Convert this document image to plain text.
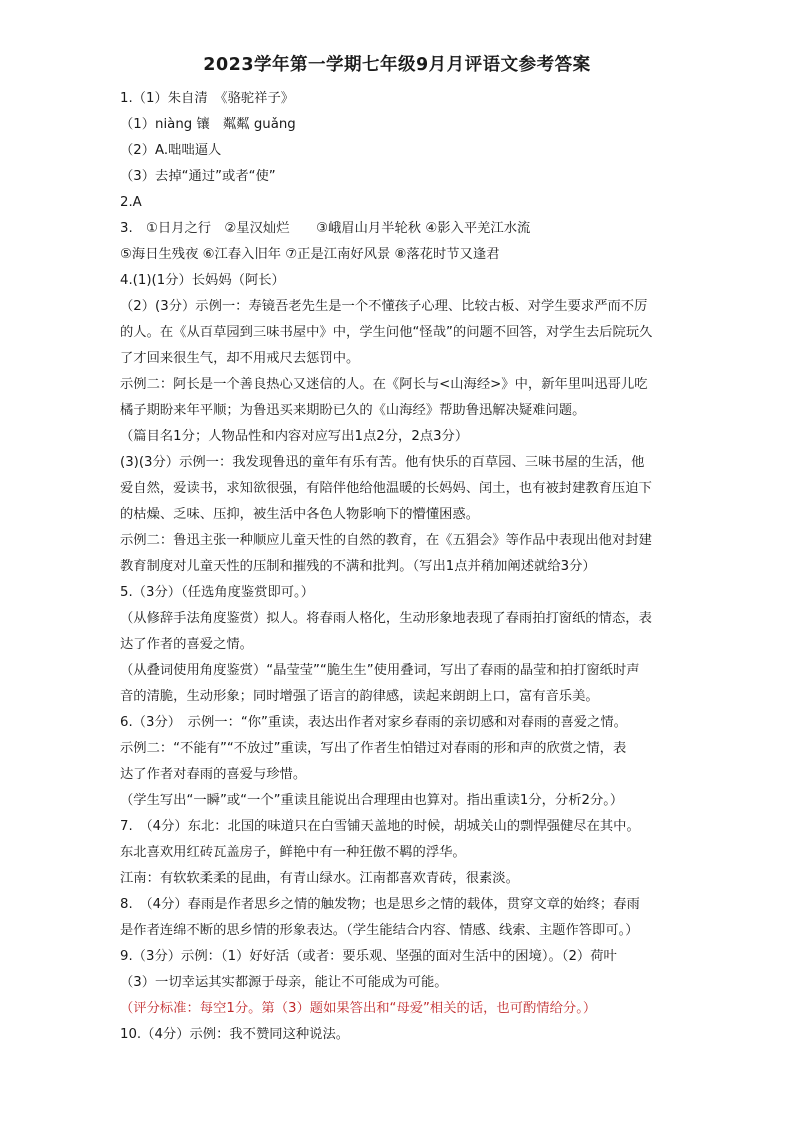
2023学年第一学期七年级9月月评语文参考答案
1.（1）朱自清　《骆驼祥子》
（1）niàng 镶　粼粼 guǎng
（2）A.咄咄逼人
（3）去掉“通过”或者“使”
2.A
3.　①日月之行　②星汉灿烂　　③峨眉山月半轮秋 ④影入平羌江水流
⑤海日生残夜 ⑥江春入旧年 ⑦正是江南好风景 ⑧落花时节又逢君
4.(1)(1分）长妈妈（阿长）
（2）(3分）示例一：寿镜吾老先生是一个不懂孩子心理、比较古板、对学生要求严而不厉
的人。在《从百草园到三味书屋中》中，学生问他“怪哉”的问题不回答，对学生去后院玩久
了才回来很生气，却不用戒尺去惩罚中。
示例二：阿长是一个善良热心又迷信的人。在《阿长与<山海经>》中，新年里叫迅哥儿吃
橘子期盼来年平顺；为鲁迅买来期盼已久的《山海经》帮助鲁迅解决疑难问题。
（篇目名1分；人物品性和内容对应写出1点2分，2点3分）
(3)(3分）示例一：我发现鲁迅的童年有乐有苦。他有快乐的百草园、三味书屋的生活，他
爱自然，爱读书，求知欲很强，有陪伴他给他温暖的长妈妈、闰土，也有被封建教育压迫下
的枯燥、乏味、压抑，被生活中各色人物影响下的懵懂困惑。
示例二：鲁迅主张一种顺应儿童天性的自然的教育，在《五猖会》等作品中表现出他对封建
教育制度对儿童天性的压制和摧残的不满和批判。（写出1点并稍加阐述就给3分）
5.（3分）（任选角度鉴赏即可。）
（从修辞手法角度鉴赏）拟人。将春雨人格化，生动形象地表现了春雨拍打窗纸的情态，表
达了作者的喜爱之情。
（从叠词使用角度鉴赏）“晶莹莹”“脆生生”使用叠词，写出了春雨的晶莹和拍打窗纸时声
音的清脆，生动形象；同时增强了语言的韵律感，读起来朗朗上口，富有音乐美。
6.（3分）　示例一：“你”重读，表达出作者对家乡春雨的亲切感和对春雨的喜爱之情。
示例二：“不能有”“不放过”重读，写出了作者生怕错过对春雨的形和声的欣赏之情，表
达了作者对春雨的喜爱与珍惜。
（学生写出“一瞬”或“一个”重读且能说出合理理由也算对。指出重读1分，分析2分。）
7.　（4分）东北：北国的味道只在白雪铺天盖地的时候，胡城关山的剽悍强健尽在其中。
东北喜欢用红砖瓦盖房子，鲜艳中有一种狂傲不羁的浮华。
江南：有软软柔柔的昆曲，有青山绿水。江南都喜欢青砖，很素淡。
8.　（4分）春雨是作者思乡之情的触发物；也是思乡之情的载体，贯穿文章的始终；春雨
是作者连绵不断的思乡情的形象表达。（学生能结合内容、情感、线索、主题作答即可。）
9.（3分）示例：（1）好好活（或者：要乐观、坚强的面对生活中的困境）。（2）荷叶
（3）一切幸运其实都源于母亲，能让不可能成为可能。
（评分标准：每空1分。第（3）题如果答出和“母爱”相关的话，也可酌情给分。）
10.（4分）示例：我不赞同这种说法。
